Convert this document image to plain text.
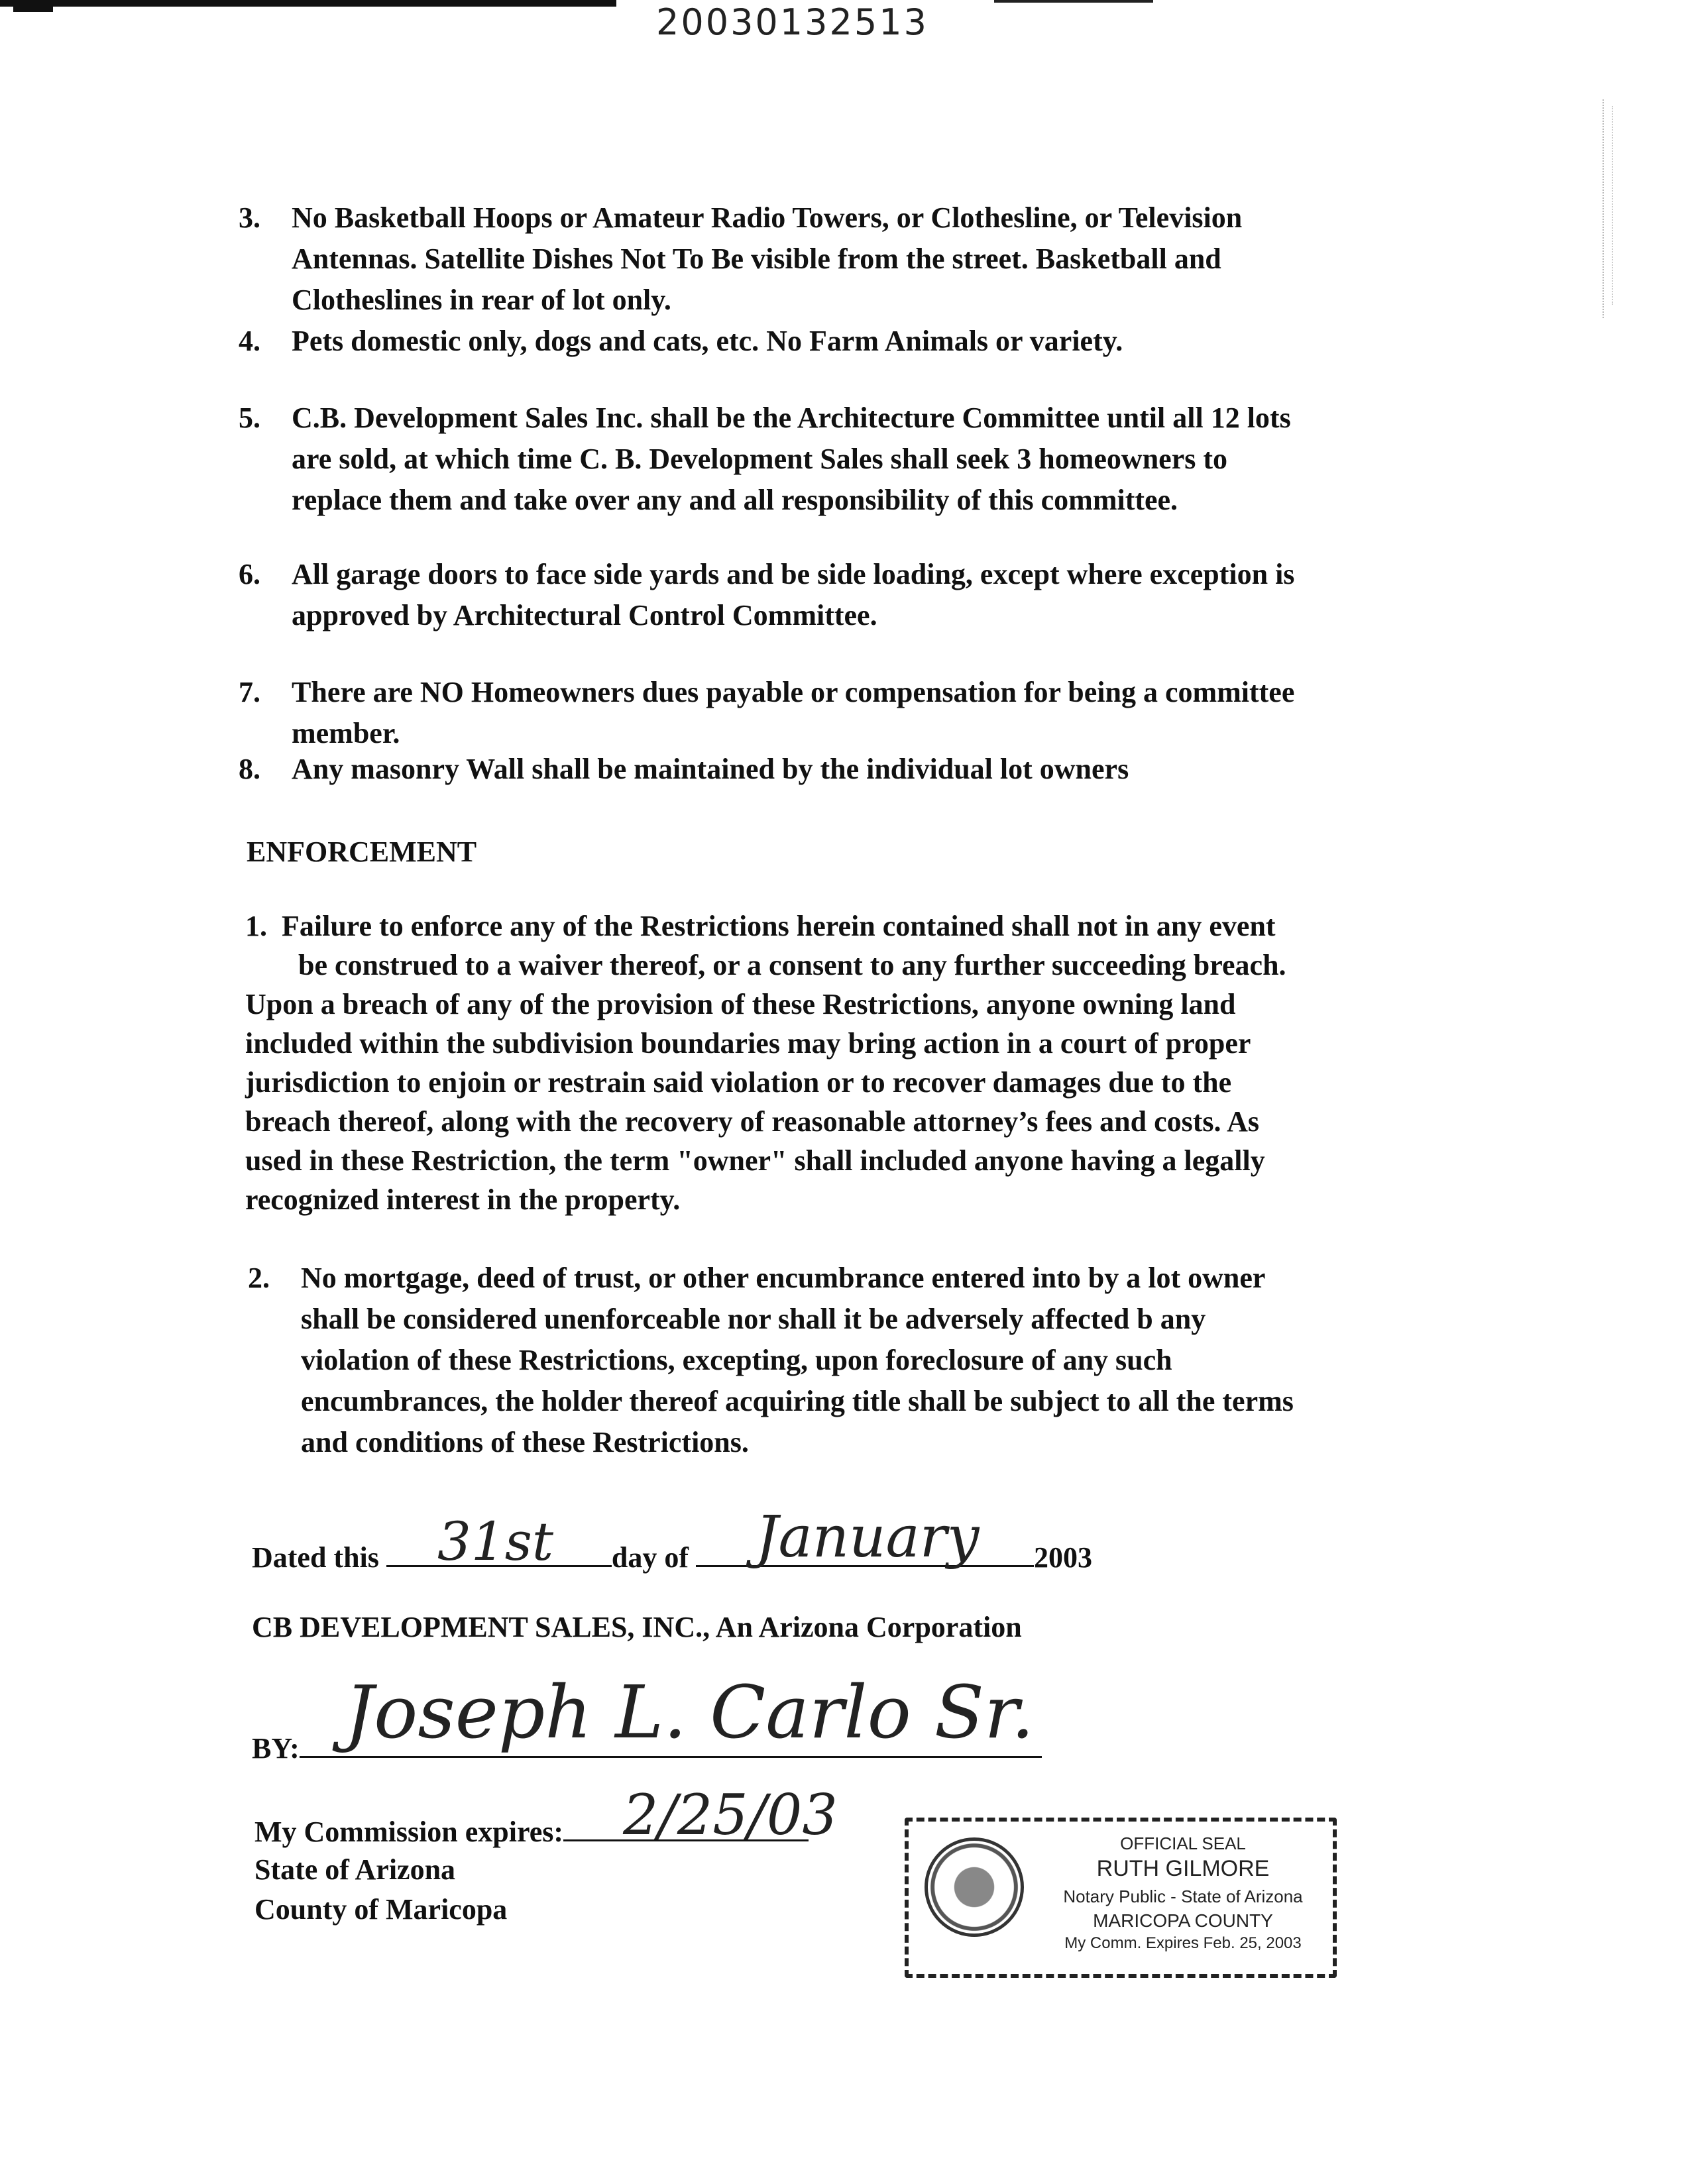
20030132513
3. No Basketball Hoops or Amateur Radio Towers, or Clothesline, or Television
Antennas. Satellite Dishes Not To Be visible from the street. Basketball and
Clotheslines in rear of lot only.
4. Pets domestic only, dogs and cats, etc. No Farm Animals or variety.
5. C.B. Development Sales Inc. shall be the Architecture Committee until all 12 lots
are sold, at which time C. B. Development Sales shall seek 3 homeowners to
replace them and take over any and all responsibility of this committee.
6. All garage doors to face side yards and be side loading, except where exception is
approved by Architectural Control Committee.
7. There are NO Homeowners dues payable or compensation for being a committee
member.
8. Any masonry Wall shall be maintained by the individual lot owners
ENFORCEMENT
1. Failure to enforce any of the Restrictions herein contained shall not in any event
be construed to a waiver thereof, or a consent to any further succeeding breach.
Upon a breach of any of the provision of these Restrictions, anyone owning land
included within the subdivision boundaries may bring action in a court of proper
jurisdiction to enjoin or restrain said violation or to recover damages due to the
breach thereof, along with the recovery of reasonable attorney’s fees and costs. As
used in these Restriction, the term "owner" shall included anyone having a legally
recognized interest in the property.
2. No mortgage, deed of trust, or other encumbrance entered into by a lot owner
shall be considered unenforceable nor shall it be adversely affected b any
violation of these Restrictions, excepting, upon foreclosure of any such
encumbrances, the holder thereof acquiring title shall be subject to all the terms
and conditions of these Restrictions.
Dated this	day of	2003
31st	January
CB DEVELOPMENT SALES, INC., An Arizona Corporation
BY: Joseph L. Carlo Sr.
My Commission expires:	2/25/03
State of Arizona
County of Maricopa
OFFICIAL SEAL
RUTH GILMORE
Notary Public - State of Arizona
MARICOPA COUNTY
My Comm. Expires Feb. 25, 2003
